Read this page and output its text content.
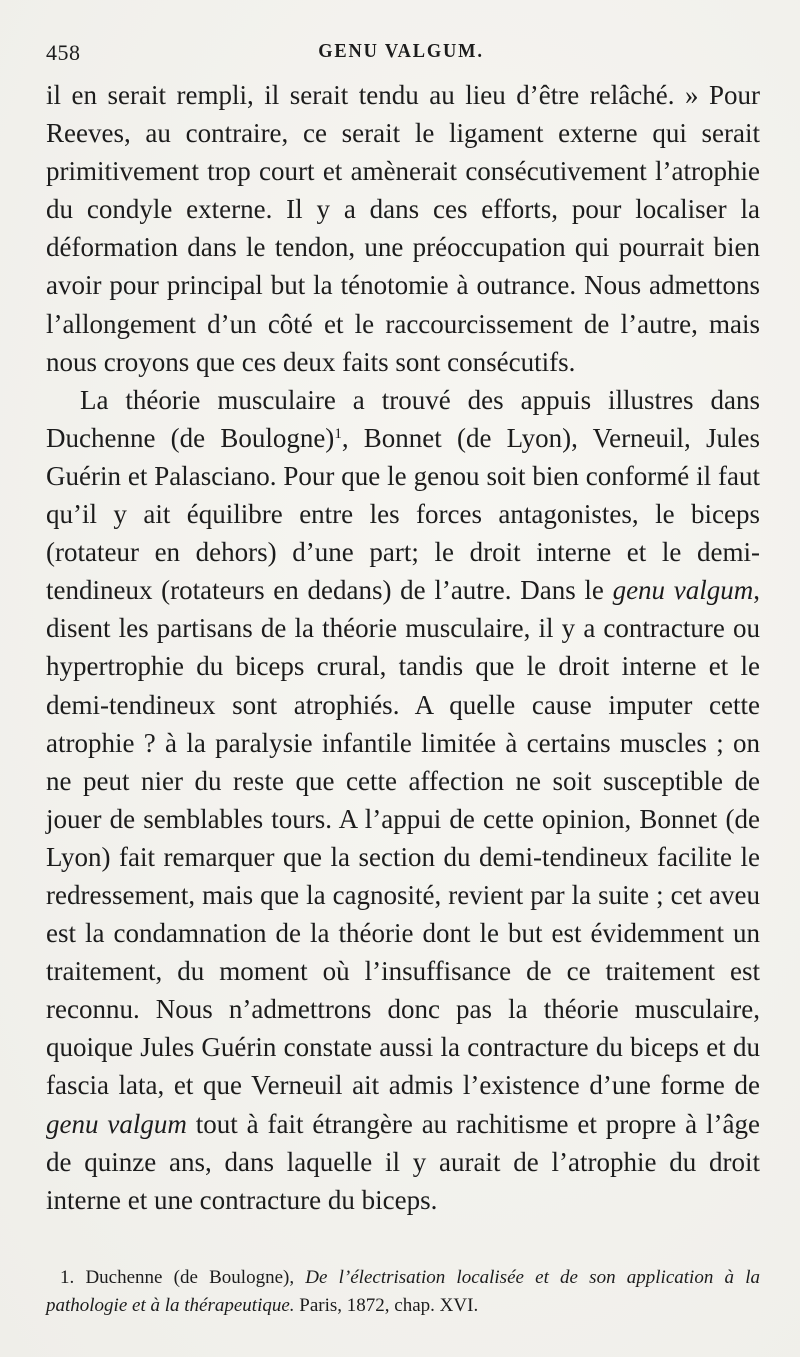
458	GENU VALGUM.

il en serait rempli, il serait tendu au lieu d’être relâché. » Pour Reeves, au contraire, ce serait le ligament externe qui serait primitivement trop court et amènerait consécutivement l’atrophie du condyle externe. Il y a dans ces efforts, pour localiser la déformation dans le tendon, une préoccupation qui pourrait bien avoir pour principal but la ténotomie à outrance. Nous admettons l’allongement d’un côté et le raccourcissement de l’autre, mais nous croyons que ces deux faits sont consécutifs.

La théorie musculaire a trouvé des appuis illustres dans Duchenne (de Boulogne)$^1$, Bonnet (de Lyon), Verneuil, Jules Guérin et Palasciano. Pour que le genou soit bien conformé il faut qu’il y ait équilibre entre les forces antagonistes, le biceps (rotateur en dehors) d’une part; le droit interne et le demi-tendineux (rotateurs en dedans) de l’autre. Dans le genu valgum, disent les partisans de la théorie musculaire, il y a contracture ou hypertrophie du biceps crural, tandis que le droit interne et le demi-tendineux sont atrophiés. A quelle cause imputer cette atrophie ? à la paralysie infantile limitée à certains muscles ; on ne peut nier du reste que cette affection ne soit susceptible de jouer de semblables tours. A l’appui de cette opinion, Bonnet (de Lyon) fait remarquer que la section du demi-tendineux facilite le redressement, mais que la cagnosité, revient par la suite ; cet aveu est la condamnation de la théorie dont le but est évidemment un traitement, du moment où l’insuffisance de ce traitement est reconnu. Nous n’admettrons donc pas la théorie musculaire, quoique Jules Guérin constate aussi la contracture du biceps et du fascia lata, et que Verneuil ait admis l’existence d’une forme de genu valgum tout à fait étrangère au rachitisme et propre à l’âge de quinze ans, dans laquelle il y aurait de l’atrophie du droit interne et une contracture du biceps.

1. Duchenne (de Boulogne), De l’électrisation localisée et de son application à la pathologie et à la thérapeutique. Paris, 1872, chap. XVI.
